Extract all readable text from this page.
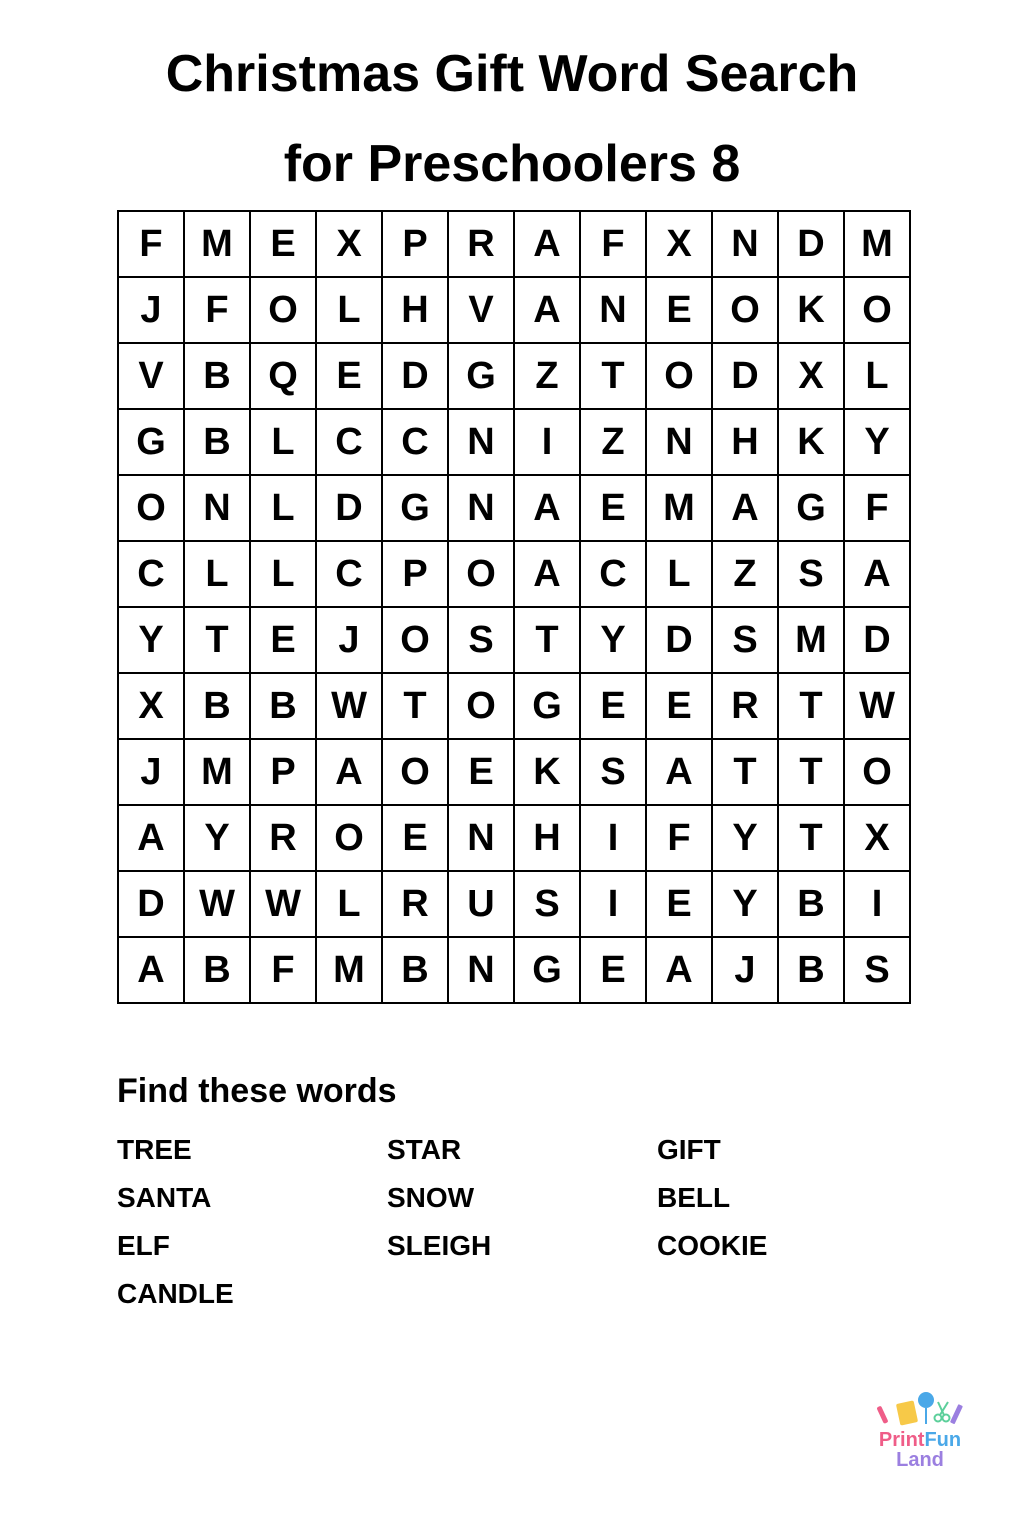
Christmas Gift Word Search
for Preschoolers 8
F	M	E	X	P	R	A	F	X	N	D	M
J	F	O	L	H	V	A	N	E	O	K	O
V	B	Q	E	D	G	Z	T	O	D	X	L
G	B	L	C	C	N	I	Z	N	H	K	Y
O	N	L	D	G	N	A	E	M	A	G	F
C	L	L	C	P	O	A	C	L	Z	S	A
Y	T	E	J	O	S	T	Y	D	S	M	D
X	B	B	W	T	O	G	E	E	R	T	W
J	M	P	A	O	E	K	S	A	T	T	O
A	Y	R	O	E	N	H	I	F	Y	T	X
D	W	W	L	R	U	S	I	E	Y	B	I
A	B	F	M	B	N	G	E	A	J	B	S
Find these words
TREE	STAR	GIFT
SANTA	SNOW	BELL
ELF	SLEIGH	COOKIE
CANDLE
PrintFun
Land
